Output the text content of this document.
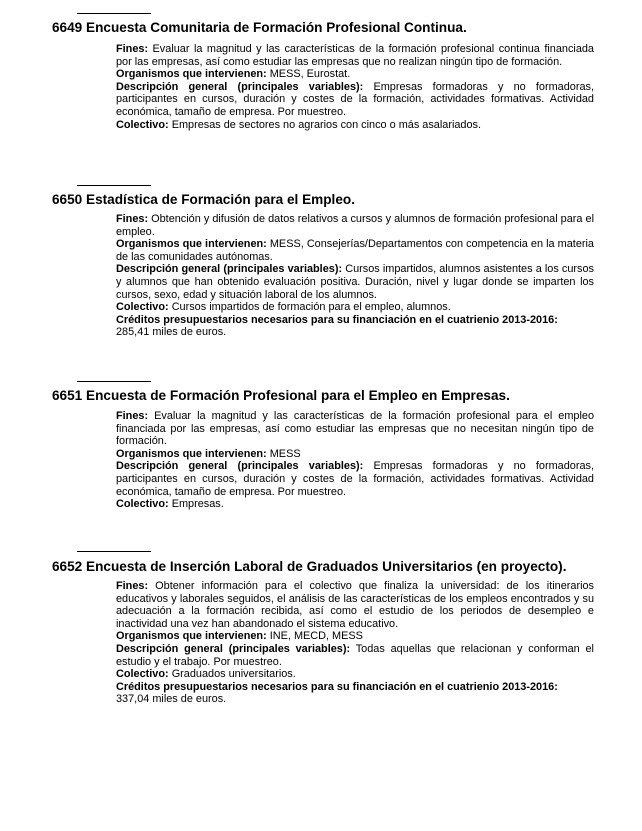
6649 Encuesta Comunitaria de Formación Profesional Continua.

Fines: Evaluar la magnitud y las características de la formación profesional continua financiada por las empresas, así como estudiar las empresas que no realizan ningún tipo de formación.

Organismos que intervienen: MESS, Eurostat.

Descripción general (principales variables): Empresas formadoras y no formadoras, participantes en cursos, duración y costes de la formación, actividades formativas. Actividad económica, tamaño de empresa. Por muestreo.

Colectivo: Empresas de sectores no agrarios con cinco o más asalariados.

6650 Estadística de Formación para el Empleo.

Fines: Obtención y difusión de datos relativos a cursos y alumnos de formación profesional para el empleo.

Organismos que intervienen: MESS, Consejerías/Departamentos con competencia en la materia de las comunidades autónomas.

Descripción general (principales variables): Cursos impartidos, alumnos asistentes a los cursos y alumnos que han obtenido evaluación positiva. Duración, nivel y lugar donde se imparten los cursos, sexo, edad y situación laboral de los alumnos.

Colectivo: Cursos impartidos de formación para el empleo, alumnos.

Créditos presupuestarios necesarios para su financiación en el cuatrienio 2013-2016:
285,41 miles de euros.

6651 Encuesta de Formación Profesional para el Empleo en Empresas.

Fines: Evaluar la magnitud y las características de la formación profesional para el empleo financiada por las empresas, así como estudiar las empresas que no necesitan ningún tipo de formación.

Organismos que intervienen: MESS

Descripción general (principales variables): Empresas formadoras y no formadoras, participantes en cursos, duración y costes de la formación, actividades formativas. Actividad económica, tamaño de empresa. Por muestreo.

Colectivo: Empresas.

6652 Encuesta de Inserción Laboral de Graduados Universitarios (en proyecto).

Fines: Obtener información para el colectivo que finaliza la universidad: de los itinerarios educativos y laborales seguidos, el análisis de las características de los empleos encontrados y su adecuación a la formación recibida, así como el estudio de los periodos de desempleo e inactividad una vez han abandonado el sistema educativo.

Organismos que intervienen: INE, MECD, MESS

Descripción general (principales variables): Todas aquellas que relacionan y conforman el estudio y el trabajo. Por muestreo.

Colectivo: Graduados universitarios.

Créditos presupuestarios necesarios para su financiación en el cuatrienio 2013-2016:
337,04 miles de euros.
